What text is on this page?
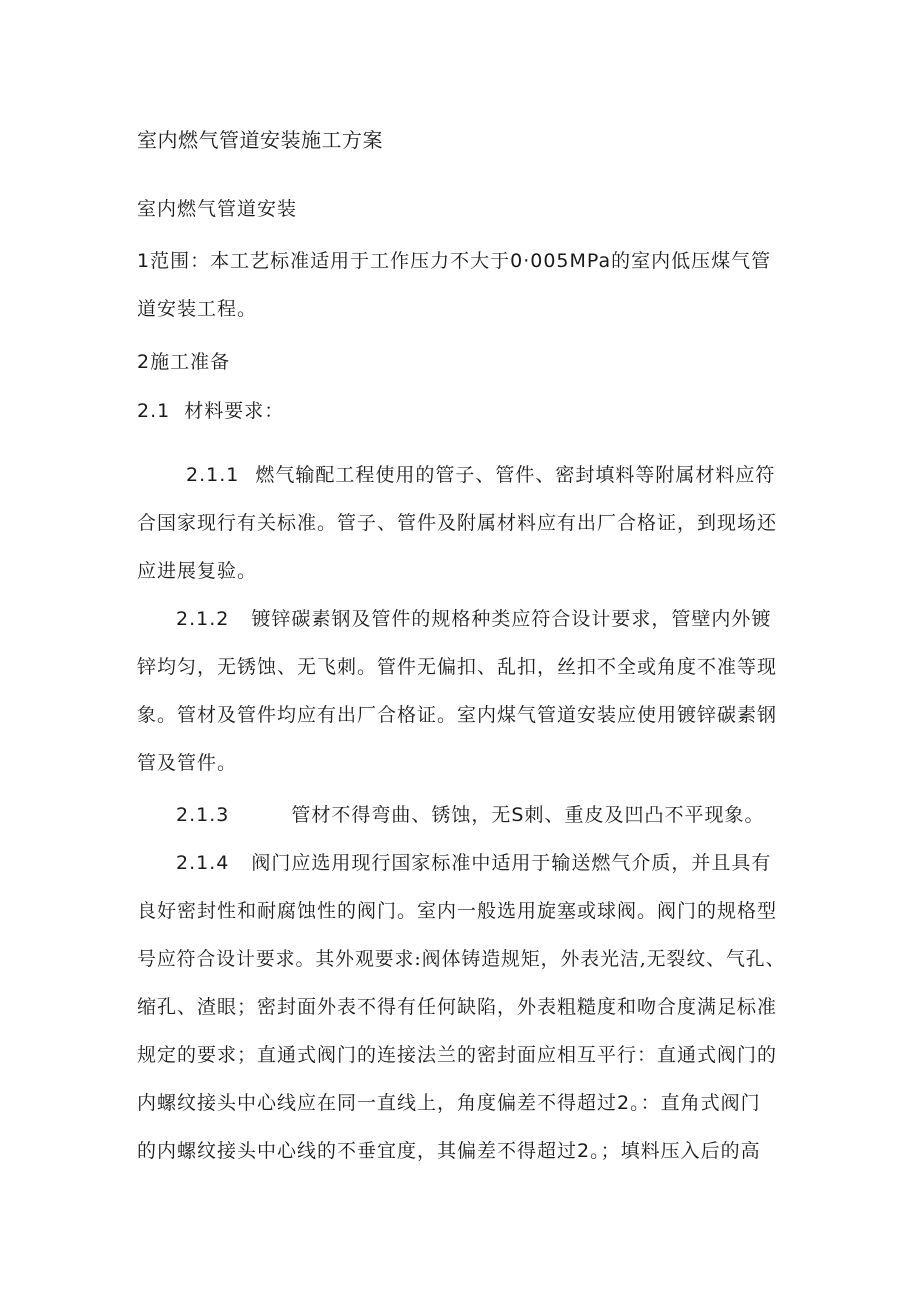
室内燃气管道安装施工方案

室内燃气管道安装

1范围：本工艺标准适用于工作压力不大于0·005MPa的室内低压煤气管

道安装工程。

2施工准备

2.1 材料要求：

2.1.1 燃气输配工程使用的管子、管件、密封填料等附属材料应符

合国家现行有关标准。管子、管件及附属材料应有出厂合格证，到现场还

应进展复验。

2.1.2 镀锌碳素钢及管件的规格种类应符合设计要求，管壁内外镀

锌均匀，无锈蚀、无飞刺。管件无偏扣、乱扣，丝扣不全或角度不准等现

象。管材及管件均应有出厂合格证。室内煤气管道安装应使用镀锌碳素钢

管及管件。

2.1.3	管材不得弯曲、锈蚀，无S刺、重皮及凹凸不平现象。

2.1.4 阀门应选用现行国家标准中适用于输送燃气介质，并且具有

良好密封性和耐腐蚀性的阀门。室内一般选用旋塞或球阀。阀门的规格型

号应符合设计要求。其外观要求:阀体铸造规矩，外表光洁,无裂纹、气孔、

缩孔、渣眼；密封面外表不得有任何缺陷，外表粗糙度和吻合度满足标准

规定的要求；直通式阀门的连接法兰的密封面应相互平行：直通式阀门的

内螺纹接头中心线应在同一直线上，角度偏差不得超过2。：直角式阀门

的内螺纹接头中心线的不垂宜度，其偏差不得超过2。；填料压入后的高
